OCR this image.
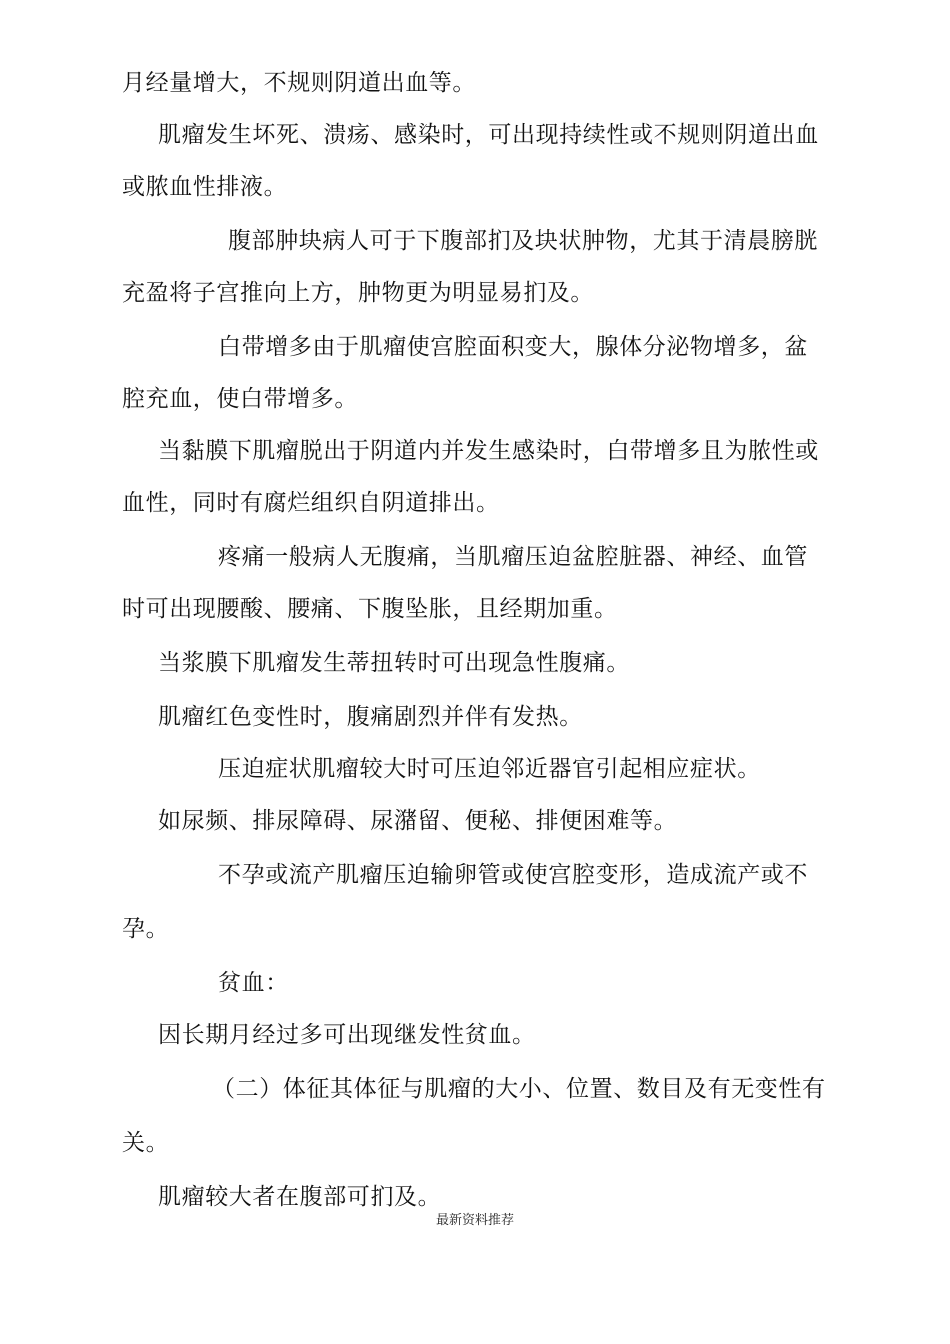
月经量增大，不规则阴道出血等。
肌瘤发生坏死、溃疡、感染时，可出现持续性或不规则阴道出血
或脓血性排液。
腹部肿块病人可于下腹部扪及块状肿物，尤其于清晨膀胱
充盈将子宫推向上方，肿物更为明显易扪及。
白带增多由于肌瘤使宫腔面积变大，腺体分泌物增多，盆
腔充血，使白带增多。
当黏膜下肌瘤脱出于阴道内并发生感染时，白带增多且为脓性或
血性，同时有腐烂组织自阴道排出。
疼痛一般病人无腹痛，当肌瘤压迫盆腔脏器、神经、血管
时可出现腰酸、腰痛、下腹坠胀，且经期加重。
当浆膜下肌瘤发生蒂扭转时可出现急性腹痛。
肌瘤红色变性时，腹痛剧烈并伴有发热。
压迫症状肌瘤较大时可压迫邻近器官引起相应症状。
如尿频、排尿障碍、尿潴留、便秘、排便困难等。
不孕或流产肌瘤压迫输卵管或使宫腔变形，造成流产或不
孕。
贫血：
因长期月经过多可出现继发性贫血。
（二）体征其体征与肌瘤的大小、位置、数目及有无变性有
关。
肌瘤较大者在腹部可扪及。
最新资料推荐
